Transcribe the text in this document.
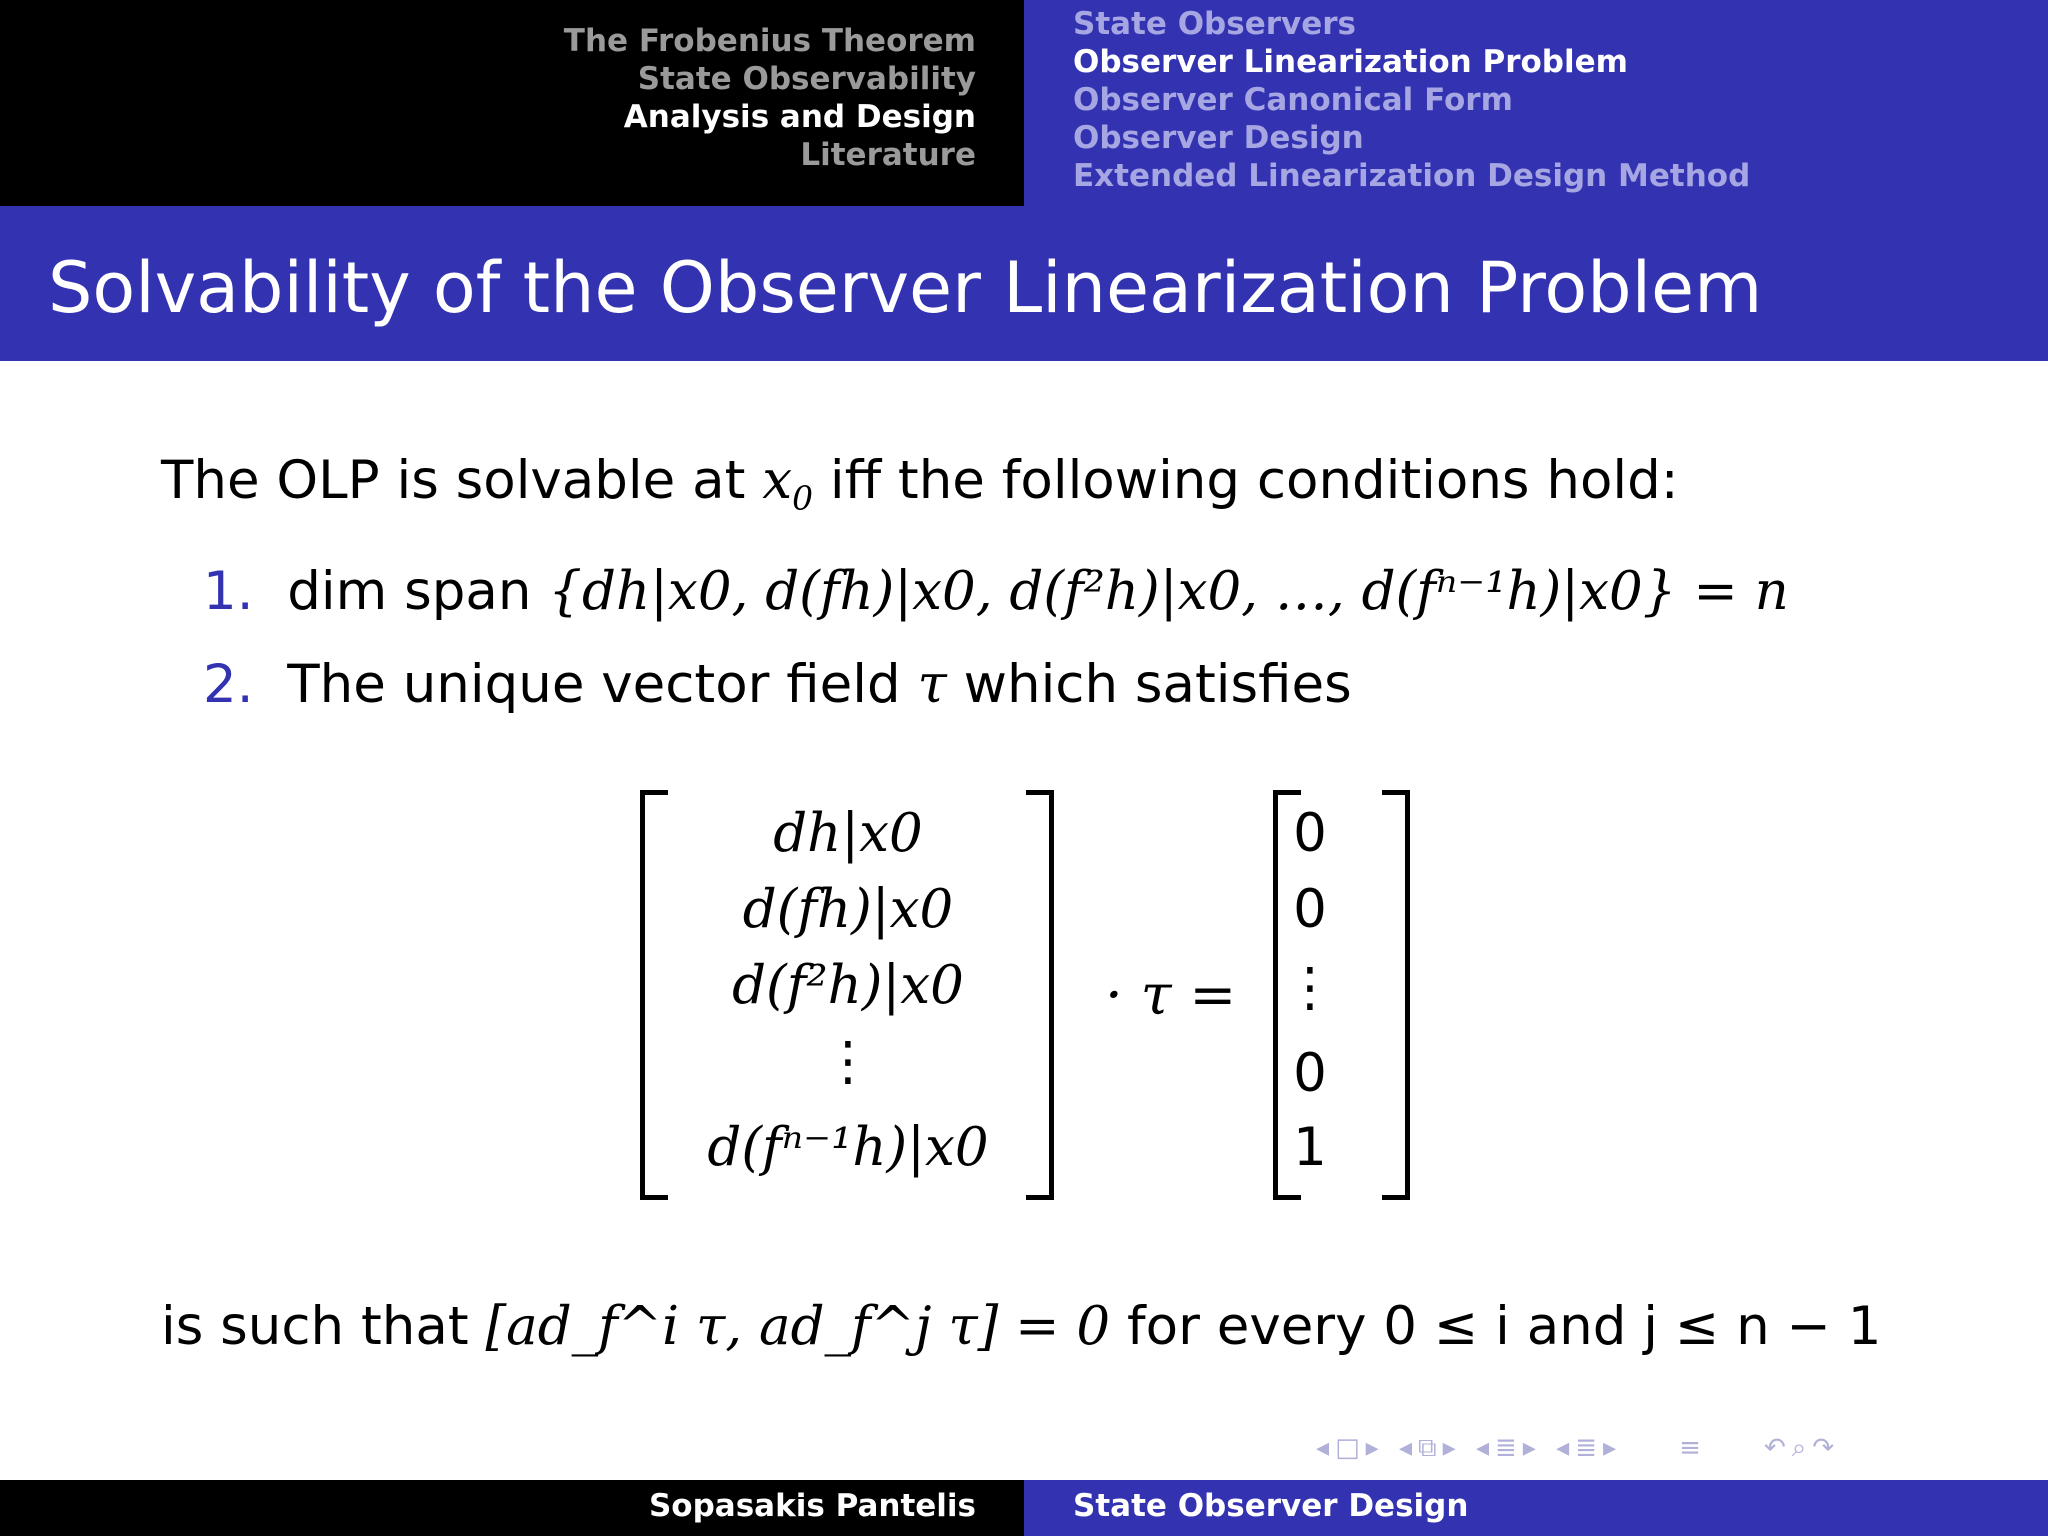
The Frobenius Theorem
State Observability
Analysis and Design
Literature
State Observers
Observer Linearization Problem
Observer Canonical Form
Observer Design
Extended Linearization Design Method
Solvability of the Observer Linearization Problem
The OLP is solvable at $x_0$ iff the following conditions hold:
1. dim span {dh|x0, d(fh)|x0, d(f²h)|x0, …, d(fⁿ⁻¹h)|x0} = n
2. The unique vector field τ which satisfies
dh|x0
d(fh)|x0
d(f²h)|x0
⋮
d(fⁿ⁻¹h)|x0
· τ =
0
0
⋮
0
1
is such that [ad_f^i τ, ad_f^j τ] = 0 for every 0 ≤ i and j ≤ n − 1
◂□▸ ◂⧉▸ ◂≣▸ ◂≣▸ ≡ ↶⌕↷
Sopasakis Pantelis	State Observer Design
